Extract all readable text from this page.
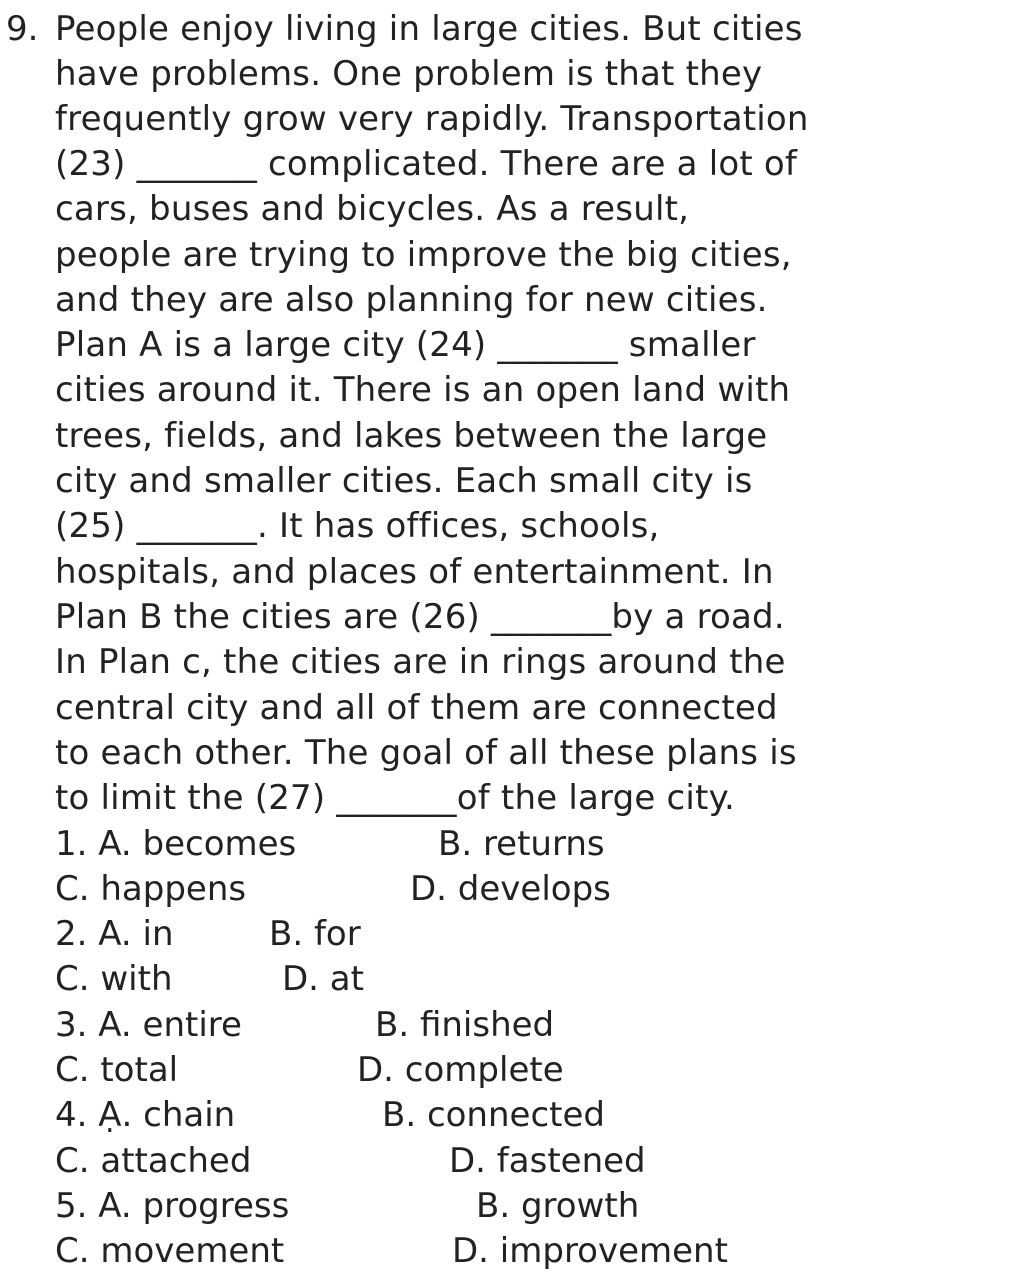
9. People enjoy living in large cities. But cities
have problems. One problem is that they
frequently grow very rapidly. Transportation
(23) _______ complicated. There are a lot of
cars, buses and bicycles. As a result,
people are trying to improve the big cities,
and they are also planning for new cities.
Plan A is a large city (24) _______ smaller
cities around it. There is an open land with
trees, fields, and lakes between the large
city and smaller cities. Each small city is
(25) _______. It has offices, schools,
hospitals, and places of entertainment. In
Plan B the cities are (26) _______by a road.
In Plan c, the cities are in rings around the
central city and all of them are connected
to each other. The goal of all these plans is
to limit the (27) _______of the large city.
1. A. becomes	B. returns
C. happens	D. develops
2. A. in	B. for
C. with	D. at
3. A. entire	B. finished
C. total	D. complete
4. Ạ. chain	B. connected
C. attached	D. fastened
5. A. progress	B. growth
C. movement	D. improvement
